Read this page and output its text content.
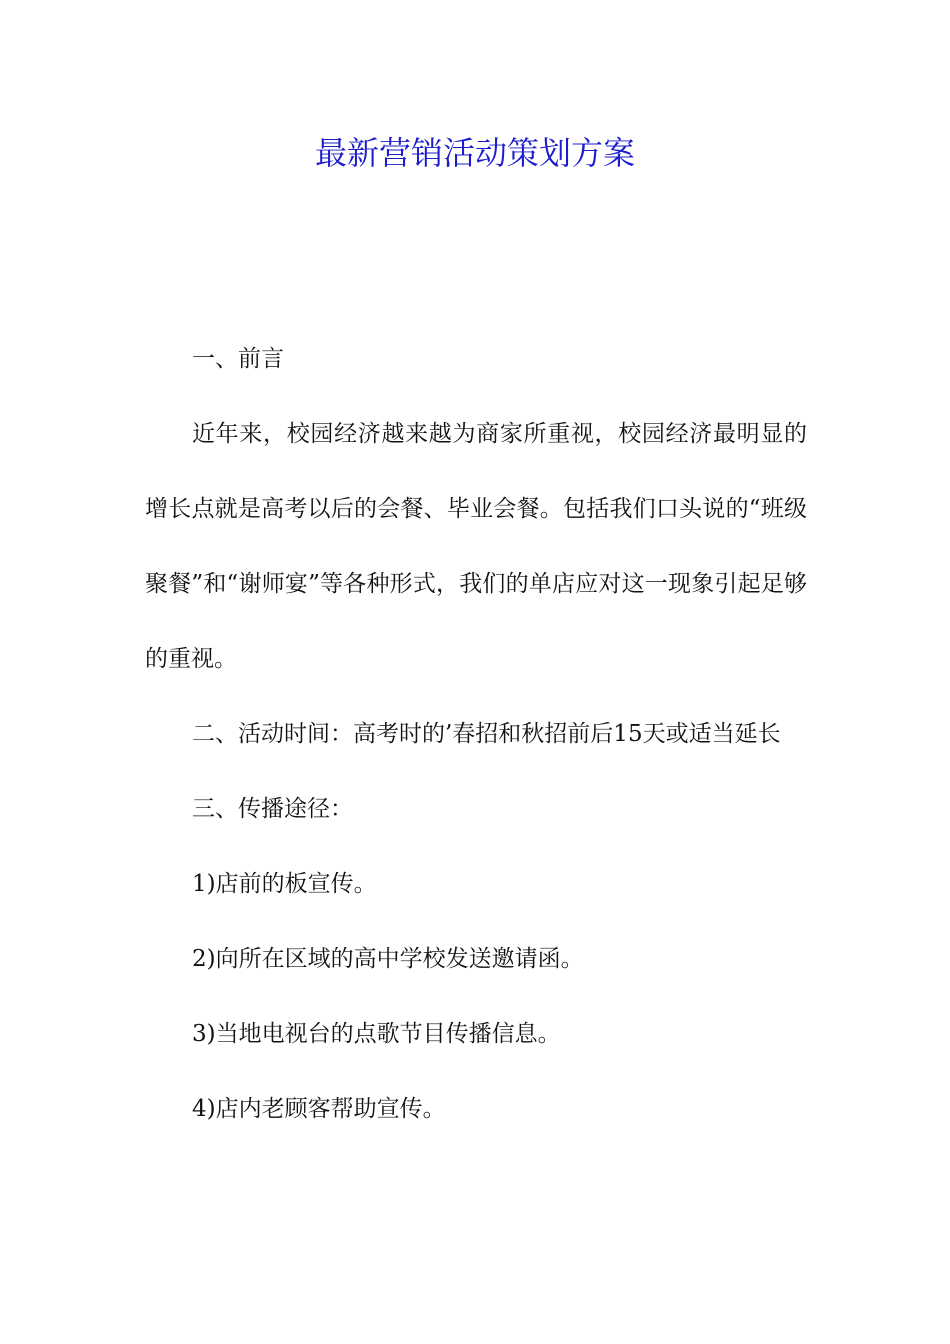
最新营销活动策划方案

一、前言

近年来，校园经济越来越为商家所重视，校园经济最明显的增长点就是高考以后的会餐、毕业会餐。包括我们口头说的“班级聚餐”和“谢师宴”等各种形式，我们的单店应对这一现象引起足够的重视。

二、活动时间：高考时的’春招和秋招前后15天或适当延长

三、传播途径：

1)店前的板宣传。

2)向所在区域的高中学校发送邀请函。

3)当地电视台的点歌节目传播信息。

4)店内老顾客帮助宣传。
